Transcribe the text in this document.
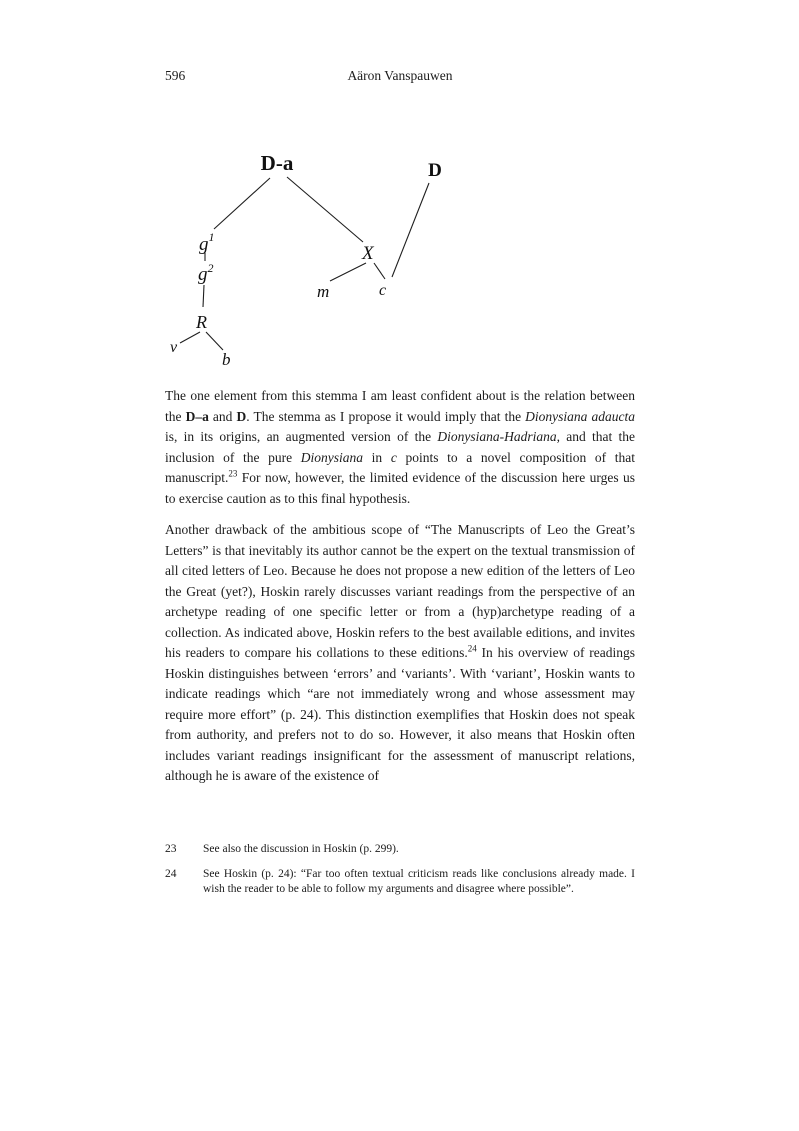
596	Aäron Vanspauwen
D-a	D
$g^1$
$g^2$
R
v
b
X
m	c

The one element from this stemma I am least confident about is the relation between the D–a and D. The stemma as I propose it would imply that the Dionysiana adaucta is, in its origins, an augmented version of the Dionysiana-Hadriana, and that the inclusion of the pure Dionysiana in c points to a novel composition of that manuscript.$^{23}$ For now, however, the limited evidence of the discussion here urges us to exercise caution as to this final hypothesis.

Another drawback of the ambitious scope of “The Manuscripts of Leo the Great’s Letters” is that inevitably its author cannot be the expert on the textual transmission of all cited letters of Leo. Because he does not propose a new edition of the letters of Leo the Great (yet?), Hoskin rarely discusses variant readings from the perspective of an archetype reading of one specific letter or from a (hyp)archetype reading of a collection. As indicated above, Hoskin refers to the best available editions, and invites his readers to compare his collations to these editions.$^{24}$ In his overview of readings Hoskin distinguishes between ‘errors’ and ‘variants’. With ‘variant’, Hoskin wants to indicate readings which “are not immediately wrong and whose assessment may require more effort” (p. 24). This distinction exemplifies that Hoskin does not speak from authority, and prefers not to do so. However, it also means that Hoskin often includes variant readings insignificant for the assessment of manuscript relations, although he is aware of the existence of

23	See also the discussion in Hoskin (p. 299).
24	See Hoskin (p. 24): “Far too often textual criticism reads like conclusions already made. I wish the reader to be able to follow my arguments and disagree where possible”.
